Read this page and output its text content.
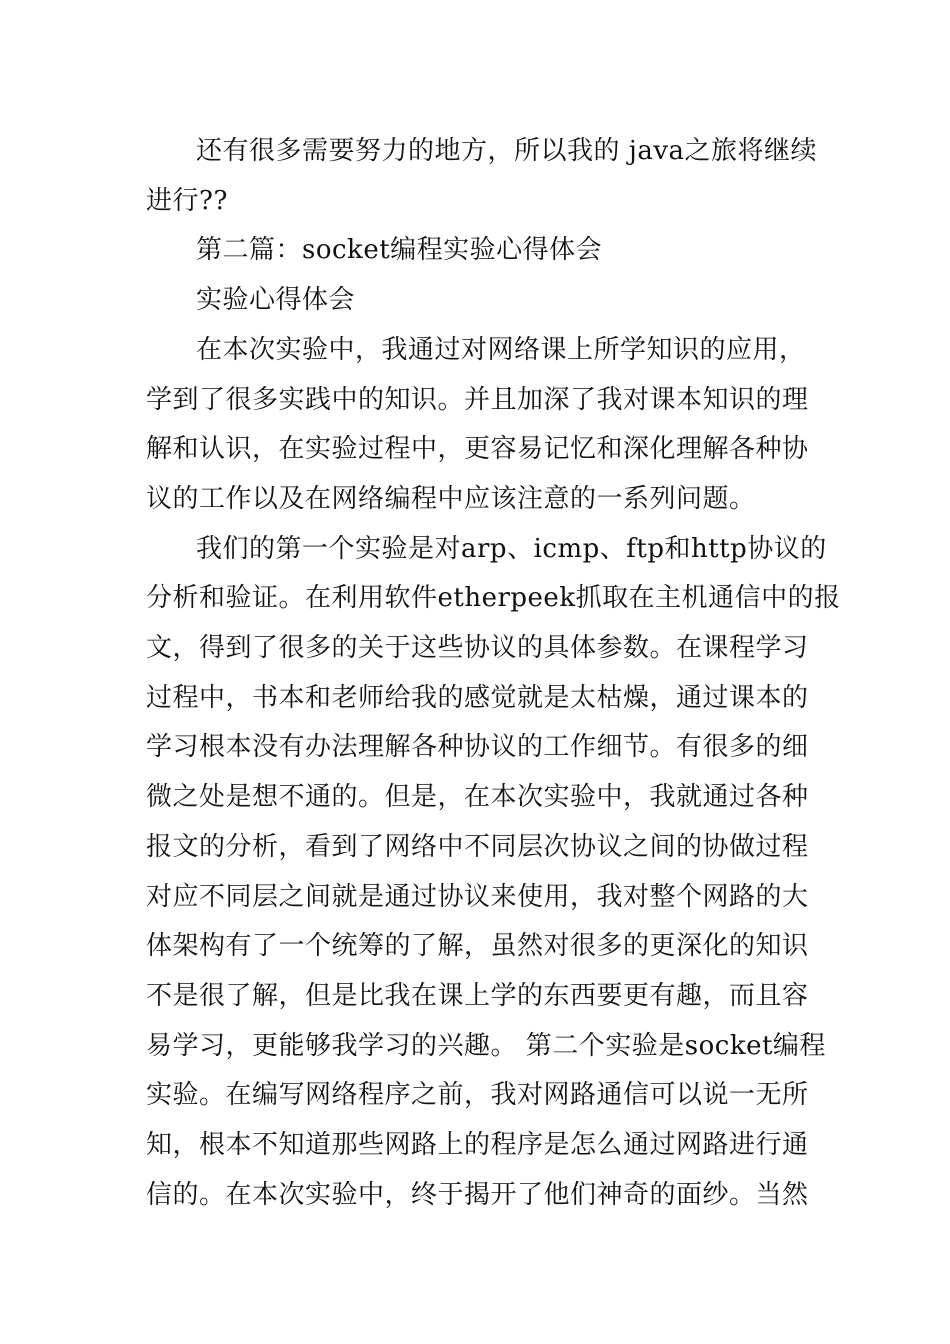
还有很多需要努力的地方，所以我的 java之旅将继续
进行??
第二篇：socket编程实验心得体会
实验心得体会
在本次实验中，我通过对网络课上所学知识的应用，
学到了很多实践中的知识。并且加深了我对课本知识的理
解和认识，在实验过程中，更容易记忆和深化理解各种协
议的工作以及在网络编程中应该注意的一系列问题。
我们的第一个实验是对arp、icmp、ftp和http协议的
分析和验证。在利用软件etherpeek抓取在主机通信中的报
文，得到了很多的关于这些协议的具体参数。在课程学习
过程中，书本和老师给我的感觉就是太枯燥，通过课本的
学习根本没有办法理解各种协议的工作细节。有很多的细
微之处是想不通的。但是，在本次实验中，我就通过各种
报文的分析，看到了网络中不同层次协议之间的协做过程
对应不同层之间就是通过协议来使用，我对整个网路的大
体架构有了一个统筹的了解，虽然对很多的更深化的知识
不是很了解，但是比我在课上学的东西要更有趣，而且容
易学习，更能够我学习的兴趣。 第二个实验是socket编程
实验。在编写网络程序之前，我对网路通信可以说一无所
知，根本不知道那些网路上的程序是怎么通过网路进行通
信的。在本次实验中，终于揭开了他们神奇的面纱。当然
